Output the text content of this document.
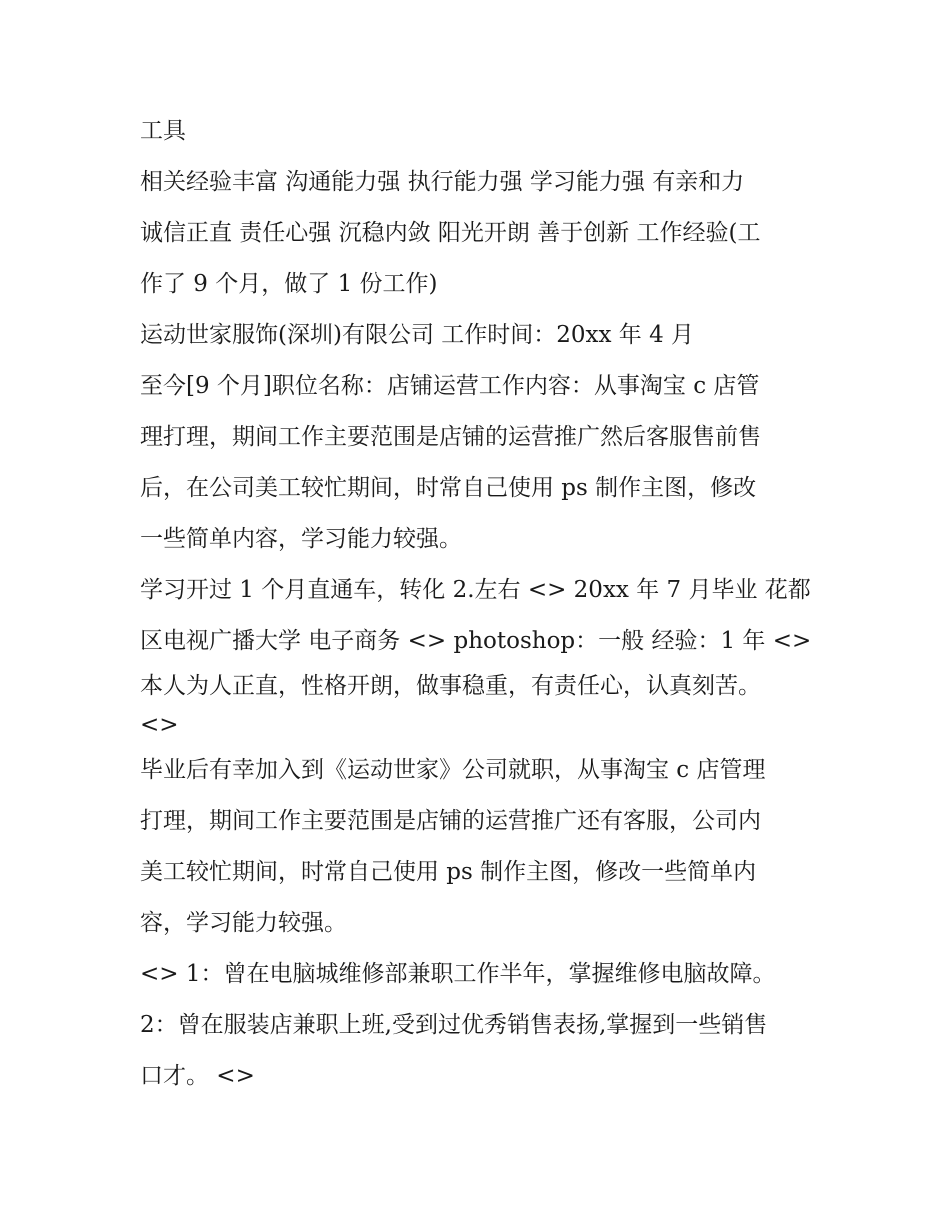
工具
相关经验丰富 沟通能力强 执行能力强 学习能力强 有亲和力
诚信正直 责任心强 沉稳内敛 阳光开朗 善于创新 工作经验(工
作了 9 个月，做了 1 份工作)
运动世家服饰(深圳)有限公司 工作时间：20xx 年 4 月
至今[9 个月]职位名称：店铺运营工作内容：从事淘宝 c 店管
理打理，期间工作主要范围是店铺的运营推广然后客服售前售
后，在公司美工较忙期间，时常自己使用 ps 制作主图，修改
一些简单内容，学习能力较强。
学习开过 1 个月直通车，转化 2.左右 <> 20xx 年 7 月毕业 花都
区电视广播大学 电子商务 <> photoshop：一般 经验：1 年 <>
本人为人正直，性格开朗，做事稳重，有责任心，认真刻苦。
<>
毕业后有幸加入到《运动世家》公司就职，从事淘宝 c 店管理
打理，期间工作主要范围是店铺的运营推广还有客服，公司内
美工较忙期间，时常自己使用 ps 制作主图，修改一些简单内
容，学习能力较强。
<> 1：曾在电脑城维修部兼职工作半年，掌握维修电脑故障。
2：曾在服装店兼职上班,受到过优秀销售表扬,掌握到一些销售
口才。 <>
